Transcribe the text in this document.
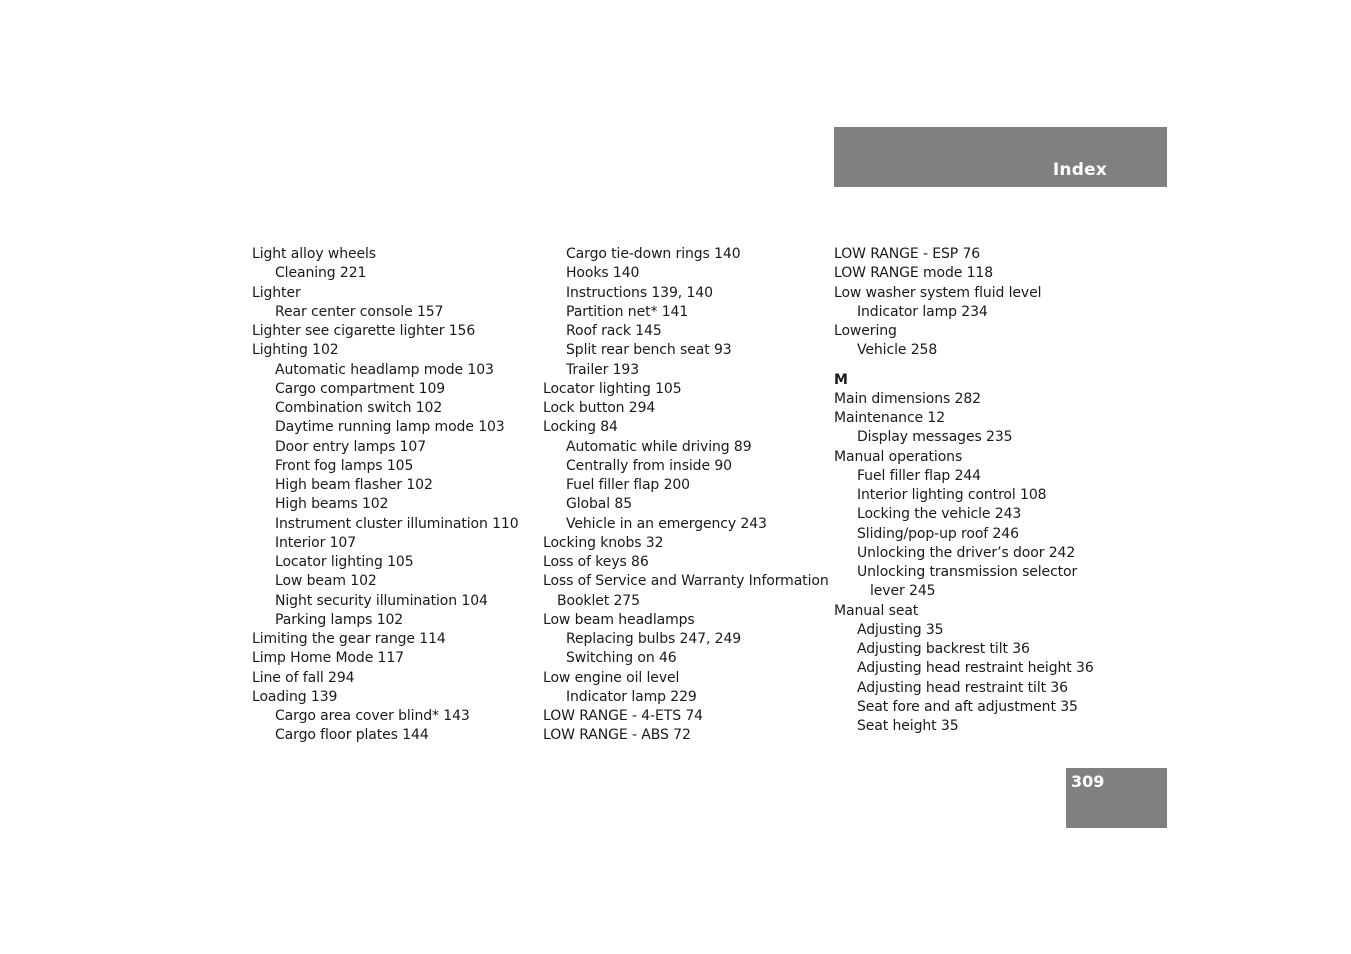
Index
Light alloy wheels
Cleaning 221
Lighter
Rear center console 157
Lighter see cigarette lighter 156
Lighting 102
Automatic headlamp mode 103
Cargo compartment 109
Combination switch 102
Daytime running lamp mode 103
Door entry lamps 107
Front fog lamps 105
High beam flasher 102
High beams 102
Instrument cluster illumination 110
Interior 107
Locator lighting 105
Low beam 102
Night security illumination 104
Parking lamps 102
Limiting the gear range 114
Limp Home Mode 117
Line of fall 294
Loading 139
Cargo area cover blind* 143
Cargo floor plates 144
Cargo tie-down rings 140
Hooks 140
Instructions 139, 140
Partition net* 141
Roof rack 145
Split rear bench seat 93
Trailer 193
Locator lighting 105
Lock button 294
Locking 84
Automatic while driving 89
Centrally from inside 90
Fuel filler flap 200
Global 85
Vehicle in an emergency 243
Locking knobs 32
Loss of keys 86
Loss of Service and Warranty Information
Booklet 275
Low beam headlamps
Replacing bulbs 247, 249
Switching on 46
Low engine oil level
Indicator lamp 229
LOW RANGE - 4-ETS 74
LOW RANGE - ABS 72
LOW RANGE - ESP 76
LOW RANGE mode 118
Low washer system fluid level
Indicator lamp 234
Lowering
Vehicle 258
M
Main dimensions 282
Maintenance 12
Display messages 235
Manual operations
Fuel filler flap 244
Interior lighting control 108
Locking the vehicle 243
Sliding/pop-up roof 246
Unlocking the driver’s door 242
Unlocking transmission selector
lever 245
Manual seat
Adjusting 35
Adjusting backrest tilt 36
Adjusting head restraint height 36
Adjusting head restraint tilt 36
Seat fore and aft adjustment 35
Seat height 35
309
